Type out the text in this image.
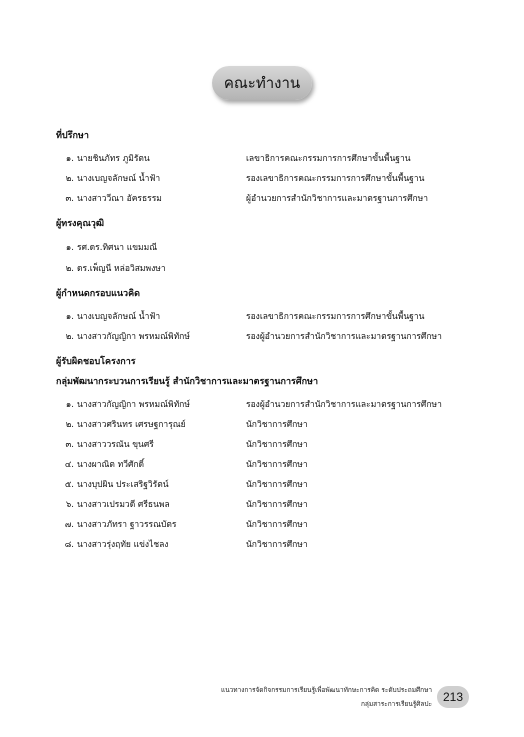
คณะทำงาน
ที่ปรึกษา
๑. นายชินภัทร ภูมิรัตน	เลขาธิการคณะกรรมการการศึกษาขั้นพื้นฐาน
๒. นางเบญจลักษณ์ น้ำฟ้า	รองเลขาธิการคณะกรรมการการศึกษาขั้นพื้นฐาน
๓. นางสาววีณา อัครธรรม	ผู้อำนวยการสำนักวิชาการและมาตรฐานการศึกษา
ผู้ทรงคุณวุฒิ
๑. รศ.ดร.ทิศนา แขมมณี
๒. ดร.เพ็ญนี หล่อวิสมพงษา
ผู้กำหนดกรอบแนวคิด
๑. นางเบญจลักษณ์ น้ำฟ้า	รองเลขาธิการคณะกรรมการการศึกษาขั้นพื้นฐาน
๒. นางสาวกัญญิกา พรหมณ์พิทักษ์	รองผู้อำนวยการสำนักวิชาการและมาตรฐานการศึกษา
ผู้รับผิดชอบโครงการ
กลุ่มพัฒนากระบวนการเรียนรู้ สำนักวิชาการและมาตรฐานการศึกษา
๑. นางสาวกัญญิกา พรหมณ์พิทักษ์	รองผู้อำนวยการสำนักวิชาการและมาตรฐานการศึกษา
๒. นางสาวศรินทร เศรษฐการุณย์	นักวิชาการศึกษา
๓. นางสาววรณัน ขุนศรี	นักวิชาการศึกษา
๔. นางผาณิต ทวีศักดิ์	นักวิชาการศึกษา
๕. นางบุปผิน ประเสริฐวิรัตน์	นักวิชาการศึกษา
๖. นางสาวเปรมวดี ศรีธนพล	นักวิชาการศึกษา
๗. นางสาวภัทรา ฐาวรรณบัตร	นักวิชาการศึกษา
๘. นางสาวรุ่งฤทัย แข่งไชลง	นักวิชาการศึกษา
แนวทางการจัดกิจกรรมการเรียนรู้เพื่อพัฒนาทักษะการคิด ระดับประถมศึกษา
กลุ่มสาระการเรียนรู้ศิลปะ 213
